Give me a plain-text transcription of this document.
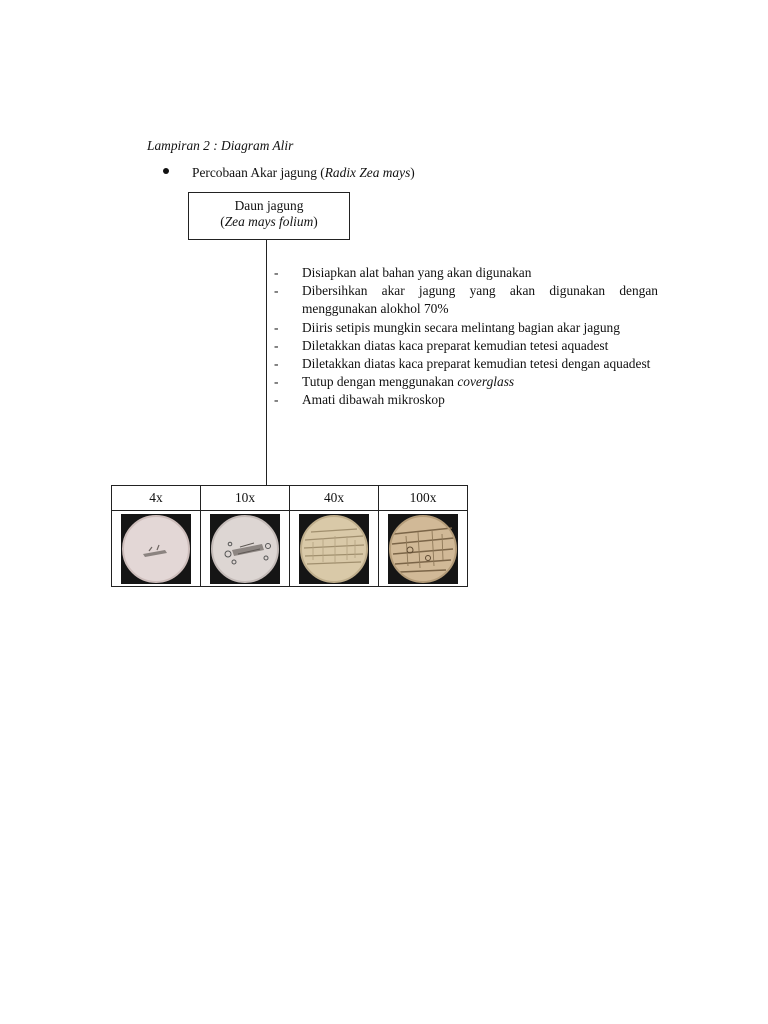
Lampiran 2 : Diagram Alir
Percobaan Akar jagung (Radix Zea mays)
Daun jagung
(Zea mays folium)
-	Disiapkan alat bahan yang akan digunakan
-	Dibersihkan akar jagung yang akan digunakan dengan menggunakan alokhol 70%
-	Diiris setipis mungkin secara melintang bagian akar jagung
-	Diletakkan diatas kaca preparat kemudian tetesi aquadest
-	Diletakkan diatas kaca preparat kemudian tetesi dengan aquadest
-	Tutup dengan menggunakan coverglass
-	Amati dibawah mikroskop
4x	10x	40x	100x
